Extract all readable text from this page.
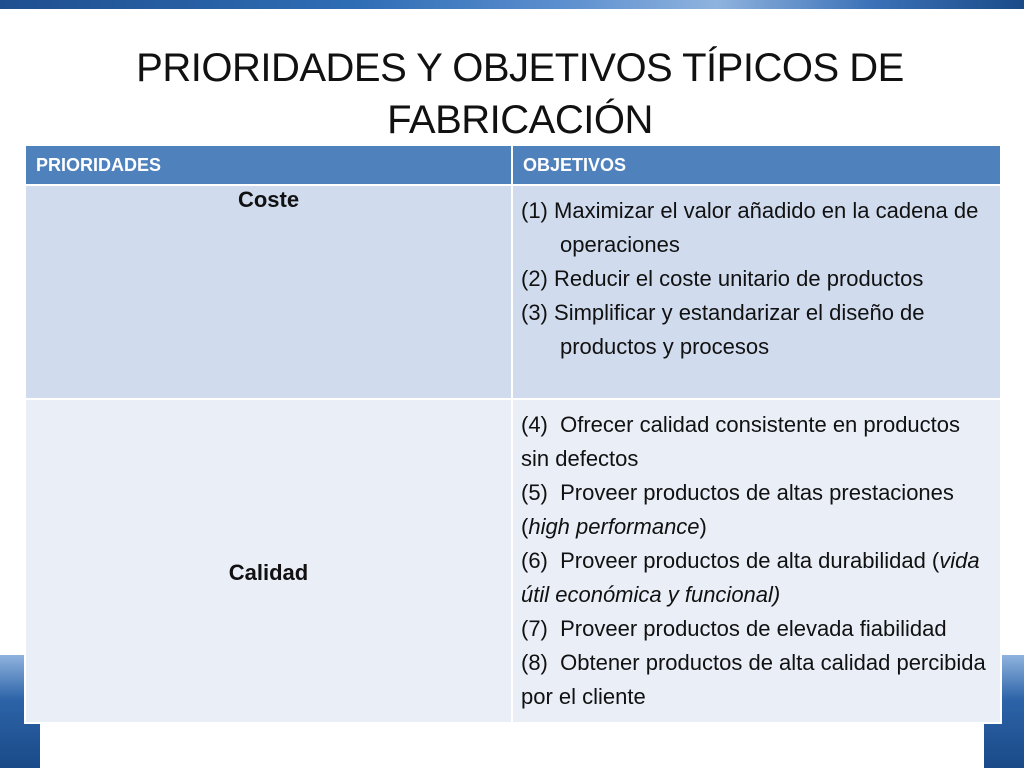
PRIORIDADES Y OBJETIVOS TÍPICOS DE FABRICACIÓN
PRIORIDADES	OBJETIVOS
Coste	(1) Maximizar el valor añadido en la cadena de operaciones
(2) Reducir el coste unitario de productos
(3) Simplificar y estandarizar el diseño de productos y procesos

Calidad	(4) Ofrecer calidad consistente en productos sin defectos
(5) Proveer productos de altas prestaciones (high performance)
(6) Proveer productos de alta durabilidad (vida útil económica y funcional)
(7) Proveer productos de elevada fiabilidad
(8) Obtener productos de alta calidad percibida por el cliente
